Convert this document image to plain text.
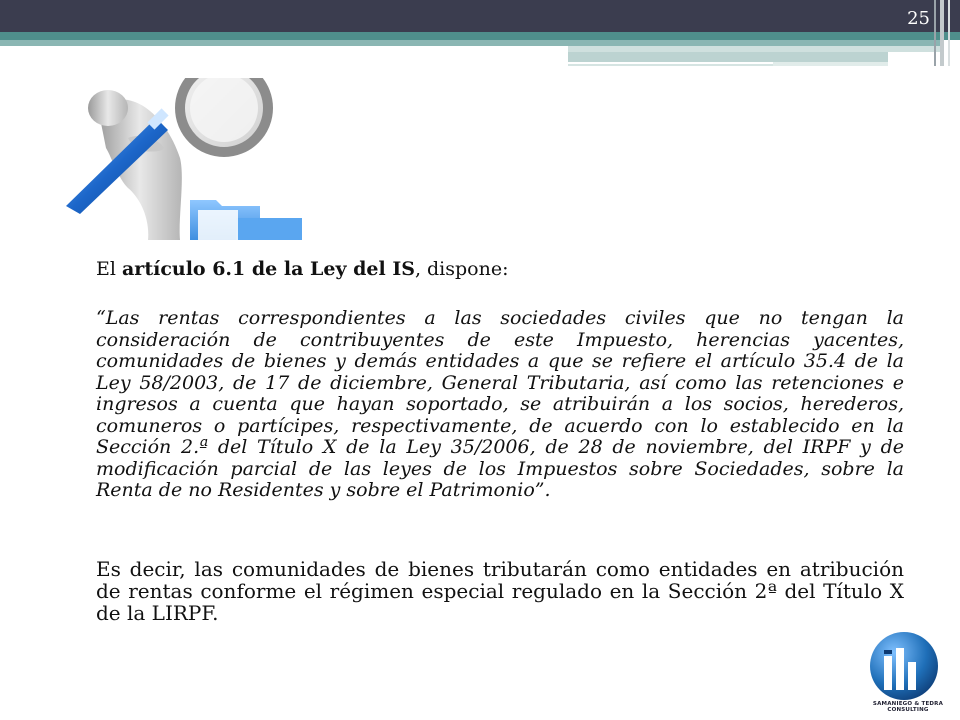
25

El artículo 6.1 de la Ley del IS, dispone:

“Las rentas correspondientes a las sociedades civiles que no tengan la consideración de contribuyentes de este Impuesto, herencias yacentes, comunidades de bienes y demás entidades a que se refiere el artículo 35.4 de la Ley 58/2003, de 17 de diciembre, General Tributaria, así como las retenciones e ingresos a cuenta que hayan soportado, se atribuirán a los socios, herederos, comuneros o partícipes, respectivamente, de acuerdo con lo establecido en la Sección 2.ª del Título X de la Ley 35/2006, de 28 de noviembre, del IRPF y de modificación parcial de las leyes de los Impuestos sobre Sociedades, sobre la Renta de no Residentes y sobre el Patrimonio”.

Es decir, las comunidades de bienes tributarán como entidades en atribución de rentas conforme el régimen especial regulado en la Sección 2ª del Título X de la LIRPF.

SAMANIEGO & TEDRA CONSULTING
